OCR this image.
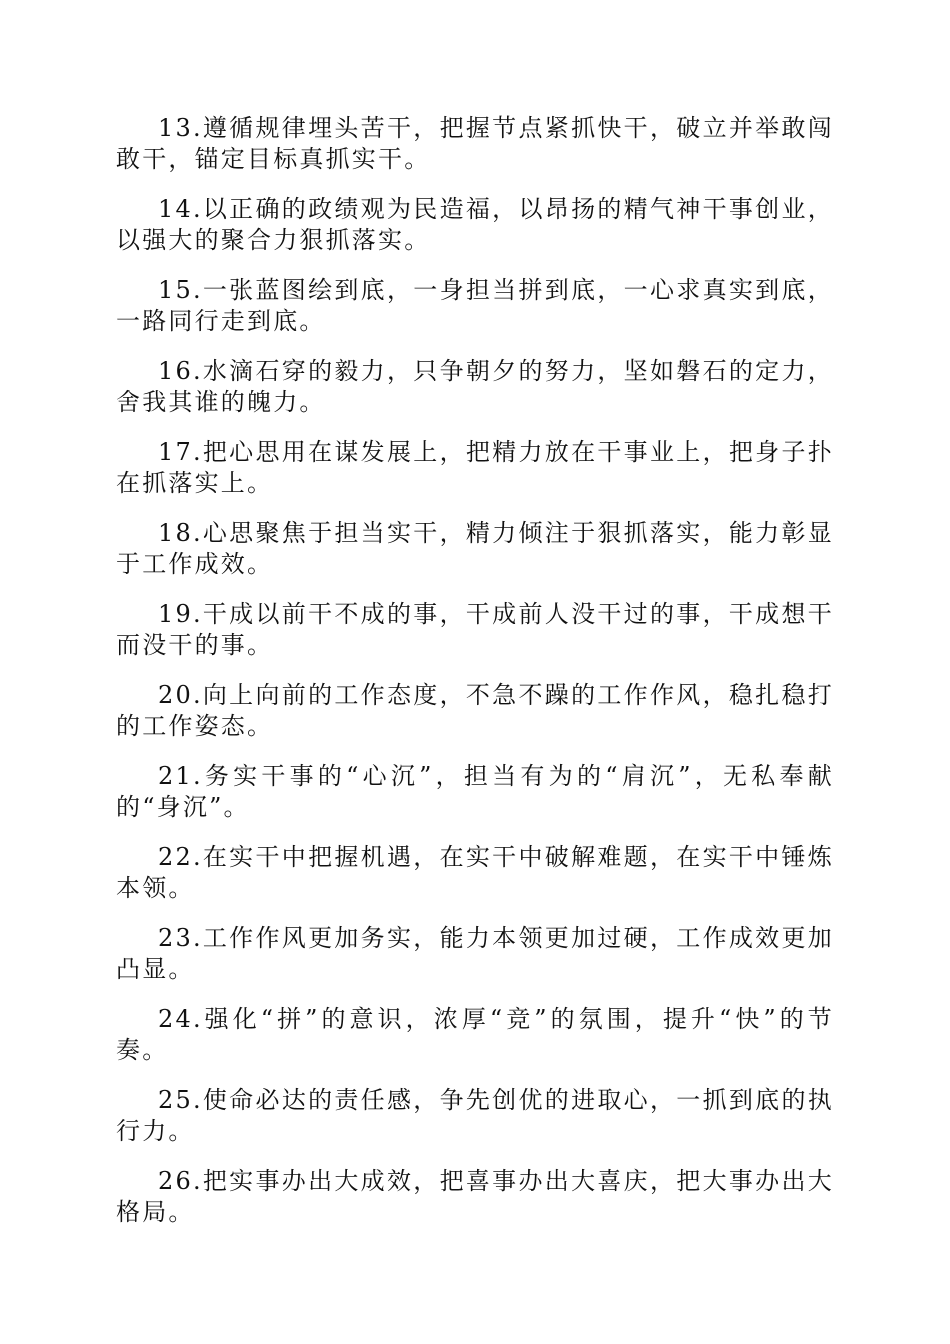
13.遵循规律埋头苦干，把握节点紧抓快干，破立并举敢闯敢干，锚定目标真抓实干。

14.以正确的政绩观为民造福，以昂扬的精气神干事创业，以强大的聚合力狠抓落实。

15.一张蓝图绘到底，一身担当拼到底，一心求真实到底，一路同行走到底。

16.水滴石穿的毅力，只争朝夕的努力，坚如磐石的定力，舍我其谁的魄力。

17.把心思用在谋发展上，把精力放在干事业上，把身子扑在抓落实上。

18.心思聚焦于担当实干，精力倾注于狠抓落实，能力彰显于工作成效。

19.干成以前干不成的事，干成前人没干过的事，干成想干而没干的事。

20.向上向前的工作态度，不急不躁的工作作风，稳扎稳打的工作姿态。

21.务实干事的“心沉”，担当有为的“肩沉”，无私奉献的“身沉”。

22.在实干中把握机遇，在实干中破解难题，在实干中锤炼本领。

23.工作作风更加务实，能力本领更加过硬，工作成效更加凸显。

24.强化“拼”的意识，浓厚“竞”的氛围，提升“快”的节奏。

25.使命必达的责任感，争先创优的进取心，一抓到底的执行力。

26.把实事办出大成效，把喜事办出大喜庆，把大事办出大格局。
